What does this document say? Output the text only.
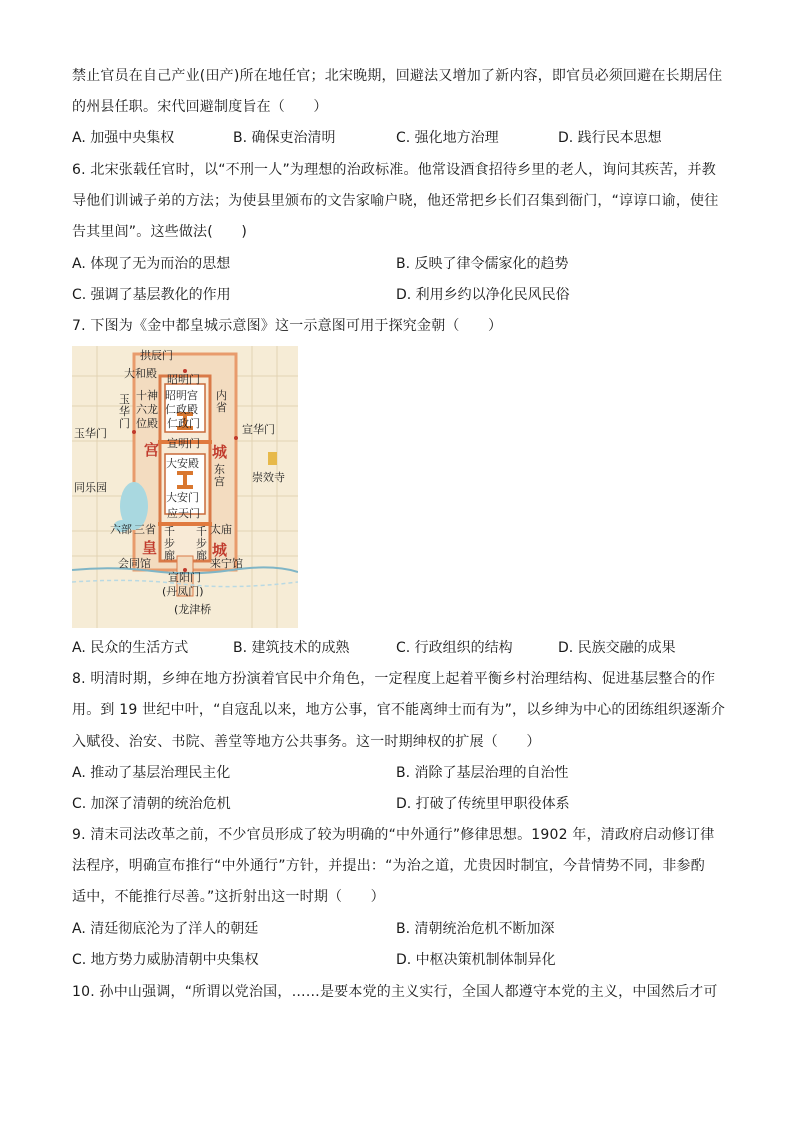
禁止官员在自己产业(田产)所在地任官；北宋晚期，回避法又增加了新内容，即官员必须回避在长期居住
的州县任职。宋代回避制度旨在（　　）
A. 加强中央集权	B. 确保吏治清明	C. 强化地方治理	D. 践行民本思想
6. 北宋张载任官时，以“不刑一人”为理想的治政标准。他常设酒食招待乡里的老人，询问其疾苦，并教
导他们训诫子弟的方法；为使县里颁布的文告家喻户晓，他还常把乡长们召集到衙门，“谆谆口谕，使往
告其里闾”。这些做法(　　)
A. 体现了无为而治的思想	B. 反映了律令儒家化的趋势
C. 强调了基层教化的作用	D. 利用乡约以净化民风民俗
7. 下图为《金中都皇城示意图》这一示意图可用于探究金朝（　　）
拱辰门
大和殿 昭明门
昭明宫
仁政殿
仁政门
内省
十神
六龙
位殿
玉华门
玉华门	宣华门
宣明门
宫	城
大安殿 东宫 崇效寺
同乐园
大安门
应天门
六部 三省 千步廊
千步廊
太庙
皇	城
会同馆	来宁馆
宣阳门
(丹凤门)
(龙津桥
A. 民众的生活方式	B. 建筑技术的成熟	C. 行政组织的结构	D. 民族交融的成果
8. 明清时期，乡绅在地方扮演着官民中介角色，一定程度上起着平衡乡村治理结构、促进基层整合的作
用。到 19 世纪中叶，“自寇乱以来，地方公事，官不能离绅士而有为”，以乡绅为中心的团练组织逐渐介
入赋役、治安、书院、善堂等地方公共事务。这一时期绅权的扩展（　　）
A. 推动了基层治理民主化	B. 消除了基层治理的自治性
C. 加深了清朝的统治危机	D. 打破了传统里甲职役体系
9. 清末司法改革之前，不少官员形成了较为明确的“中外通行”修律思想。1902 年，清政府启动修订律
法程序，明确宣布推行“中外通行”方针，并提出：“为治之道，尤贵因时制宜，今昔情势不同，非参酌
适中，不能推行尽善。”这折射出这一时期（　　）
A. 清廷彻底沦为了洋人的朝廷	B. 清朝统治危机不断加深
C. 地方势力威胁清朝中央集权	D. 中枢决策机制体制异化
10. 孙中山强调，“所谓以党治国，……是要本党的主义实行，全国人都遵守本党的主义，中国然后才可
